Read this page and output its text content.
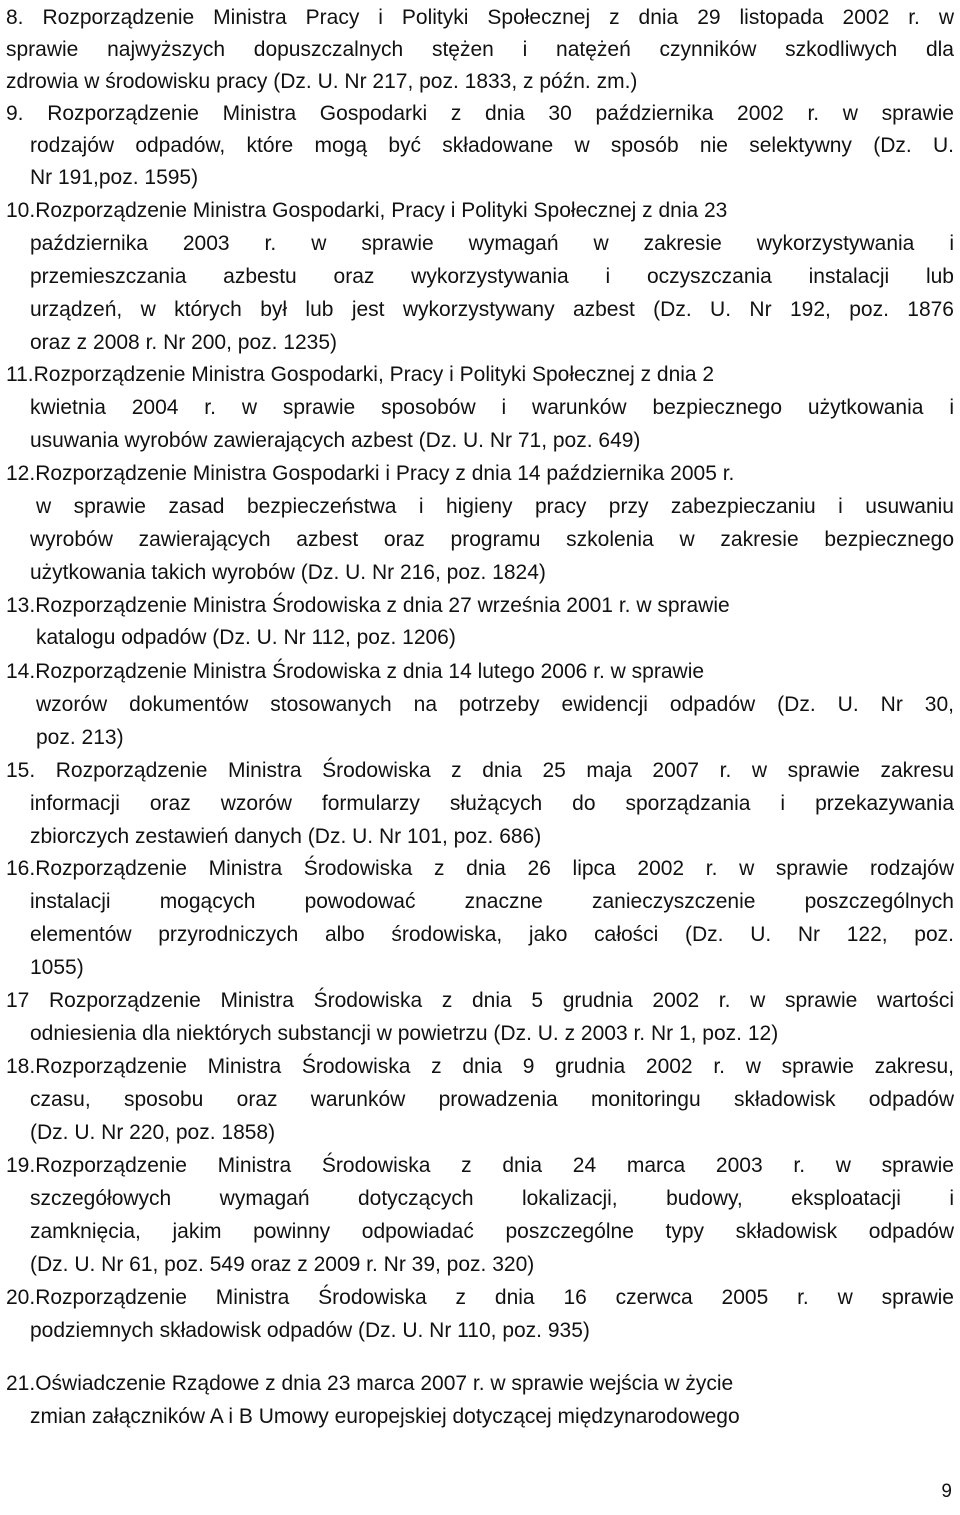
8. Rozporządzenie Ministra Pracy i Polityki Społecznej z dnia 29 listopada 2002 r. w
sprawie najwyższych dopuszczalnych stężen i natężeń czynników szkodliwych dla
zdrowia w środowisku pracy (Dz. U. Nr 217, poz. 1833, z późn. zm.)
9. Rozporządzenie Ministra Gospodarki z dnia 30 października 2002 r. w sprawie
rodzajów odpadów, które mogą być składowane w sposób nie selektywny (Dz. U.
Nr 191,poz. 1595)
10.Rozporządzenie Ministra Gospodarki, Pracy i Polityki Społecznej z dnia 23
października 2003 r. w sprawie wymagań w zakresie wykorzystywania i
przemieszczania azbestu oraz wykorzystywania i oczyszczania instalacji lub
urządzeń, w których był lub jest wykorzystywany azbest (Dz. U. Nr 192, poz. 1876
oraz z 2008 r. Nr 200, poz. 1235)
11.Rozporządzenie Ministra Gospodarki, Pracy i Polityki Społecznej z dnia 2
kwietnia 2004 r. w sprawie sposobów i warunków bezpiecznego użytkowania i
usuwania wyrobów zawierających azbest (Dz. U. Nr 71, poz. 649)
12.Rozporządzenie Ministra Gospodarki i Pracy z dnia 14 października 2005 r.
w sprawie zasad bezpieczeństwa i higieny pracy przy zabezpieczaniu i usuwaniu
wyrobów zawierających azbest oraz programu szkolenia w zakresie bezpiecznego
użytkowania takich wyrobów (Dz. U. Nr 216, poz. 1824)
13.Rozporządzenie Ministra Środowiska z dnia 27 września 2001 r. w sprawie
katalogu odpadów (Dz. U. Nr 112, poz. 1206)
14.Rozporządzenie Ministra Środowiska z dnia 14 lutego 2006 r. w sprawie
wzorów dokumentów stosowanych na potrzeby ewidencji odpadów (Dz. U. Nr 30,
poz. 213)
15. Rozporządzenie Ministra Środowiska z dnia 25 maja 2007 r. w sprawie zakresu
informacji oraz wzorów formularzy służących do sporządzania i przekazywania
zbiorczych zestawień danych (Dz. U. Nr 101, poz. 686)
16.Rozporządzenie Ministra Środowiska z dnia 26 lipca 2002 r. w sprawie rodzajów
instalacji mogących powodować znaczne zanieczyszczenie poszczególnych
elementów przyrodniczych albo środowiska, jako całości (Dz. U. Nr 122, poz.
1055)
17 Rozporządzenie Ministra Środowiska z dnia 5 grudnia 2002 r. w sprawie wartości
odniesienia dla niektórych substancji w powietrzu (Dz. U. z 2003 r. Nr 1, poz. 12)
18.Rozporządzenie Ministra Środowiska z dnia 9 grudnia 2002 r. w sprawie zakresu,
czasu, sposobu oraz warunków prowadzenia monitoringu składowisk odpadów
(Dz. U. Nr 220, poz. 1858)
19.Rozporządzenie Ministra Środowiska z dnia 24 marca 2003 r. w sprawie
szczegółowych wymagań dotyczących lokalizacji, budowy, eksploatacji i
zamknięcia, jakim powinny odpowiadać poszczególne typy składowisk odpadów
(Dz. U. Nr 61, poz. 549 oraz z 2009 r. Nr 39, poz. 320)
20.Rozporządzenie Ministra Środowiska z dnia 16 czerwca 2005 r. w sprawie
podziemnych składowisk odpadów (Dz. U. Nr 110, poz. 935)
21.Oświadczenie Rządowe z dnia 23 marca 2007 r. w sprawie wejścia w życie
zmian załączników A i B Umowy europejskiej dotyczącej międzynarodowego
9
